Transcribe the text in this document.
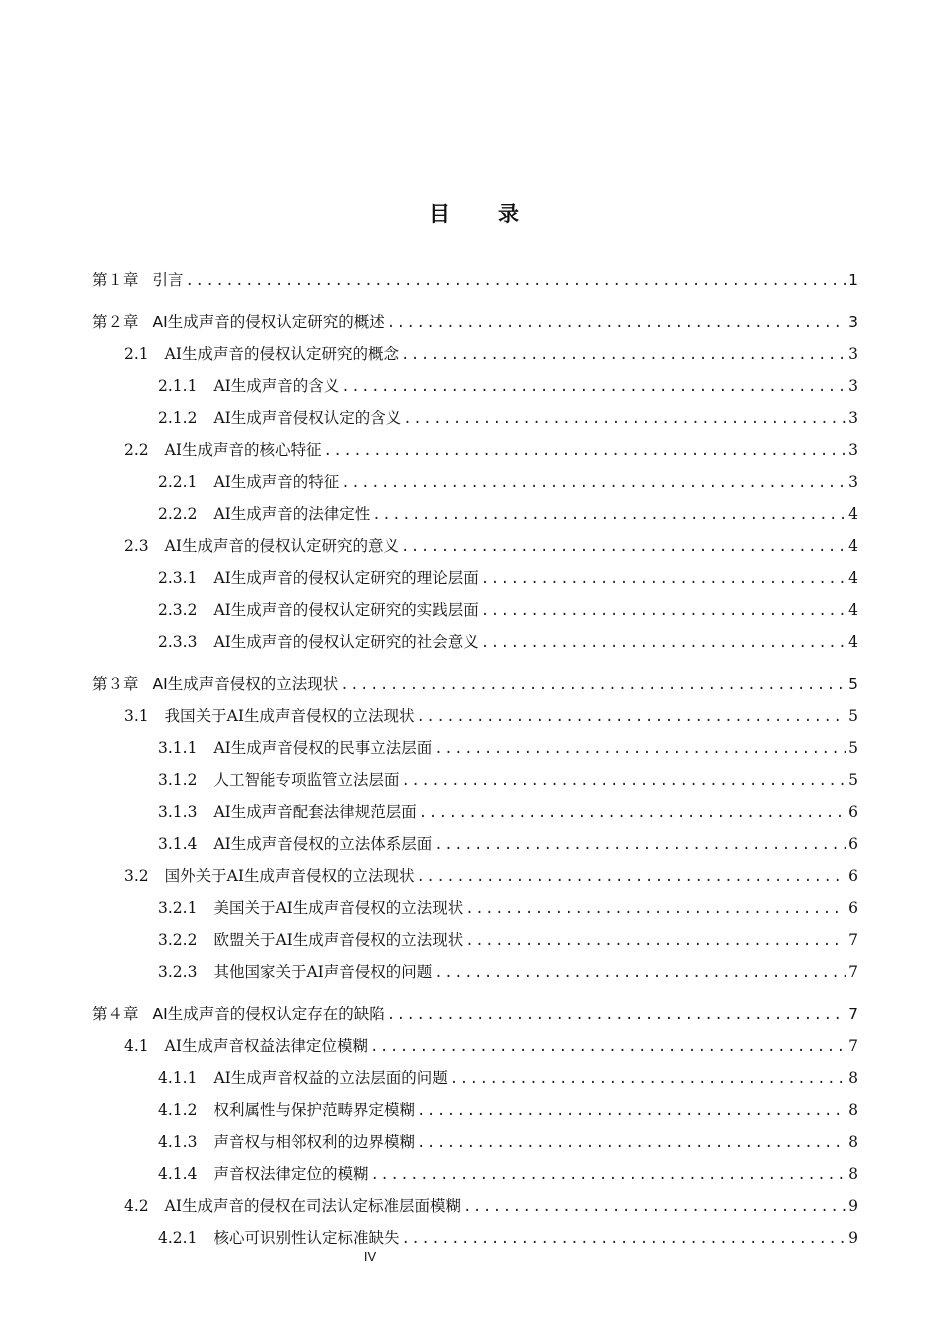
目　　录
第１章 引言 .....	1
第２章 AI生成声音的侵权认定研究的概述 .....	3
2.1 AI生成声音的侵权认定研究的概念 .....	3
2.1.1 AI生成声音的含义 .....	3
2.1.2 AI生成声音侵权认定的含义 .....	3
2.2 AI生成声音的核心特征 .....	3
2.2.1 AI生成声音的特征 .....	3
2.2.2 AI生成声音的法律定性 .....	4
2.3 AI生成声音的侵权认定研究的意义 .....	4
2.3.1 AI生成声音的侵权认定研究的理论层面 .....	4
2.3.2 AI生成声音的侵权认定研究的实践层面 .....	4
2.3.3 AI生成声音的侵权认定研究的社会意义 .....	4
第３章 AI生成声音侵权的立法现状 .....	5
3.1 我国关于AI生成声音侵权的立法现状 .....	5
3.1.1 AI生成声音侵权的民事立法层面 .....	5
3.1.2 人工智能专项监管立法层面 .....	5
3.1.3 AI生成声音配套法律规范层面 .....	6
3.1.4 AI生成声音侵权的立法体系层面 .....	6
3.2 国外关于AI生成声音侵权的立法现状 .....	6
3.2.1 美国关于AI生成声音侵权的立法现状 .....	6
3.2.2 欧盟关于AI生成声音侵权的立法现状 .....	7
3.2.3 其他国家关于AI声音侵权的问题 .....	7
第４章 AI生成声音的侵权认定存在的缺陷 .....	7
4.1 AI生成声音权益法律定位模糊 .....	7
4.1.1 AI生成声音权益的立法层面的问题 .....	8
4.1.2 权利属性与保护范畴界定模糊 .....	8
4.1.3 声音权与相邻权利的边界模糊 .....	8
4.1.4 声音权法律定位的模糊 .....	8
4.2 AI生成声音的侵权在司法认定标准层面模糊 .....	9
4.2.1 核心可识别性认定标准缺失 .....	9
IV
